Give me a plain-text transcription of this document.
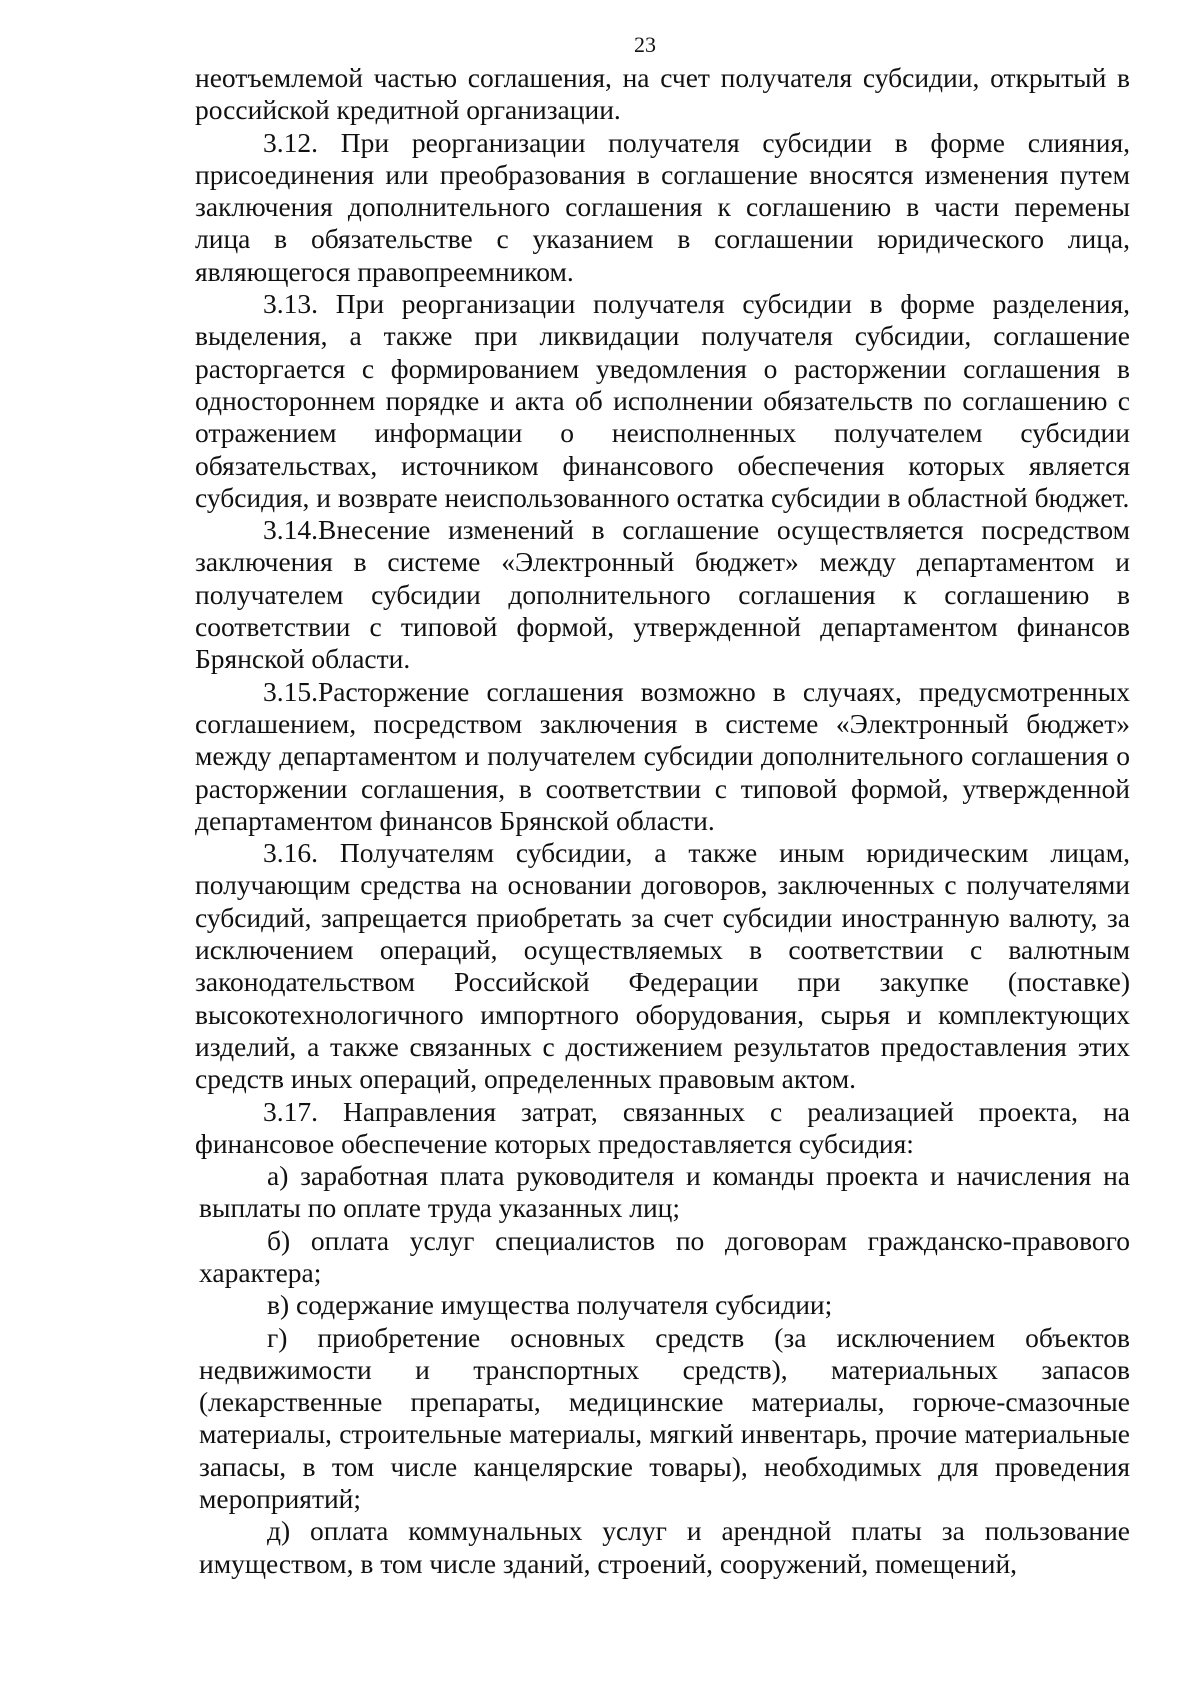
23

неотъемлемой частью соглашения, на счет получателя субсидии, открытый в российской кредитной организации.

3.12. При реорганизации получателя субсидии в форме слияния, присоединения или преобразования в соглашение вносятся изменения путем заключения дополнительного соглашения к соглашению в части перемены лица в обязательстве с указанием в соглашении юридического лица, являющегося правопреемником.

3.13. При реорганизации получателя субсидии в форме разделения, выделения, а также при ликвидации получателя субсидии, соглашение расторгается с формированием уведомления о расторжении соглашения в одностороннем порядке и акта об исполнении обязательств по соглашению с отражением информации о неисполненных получателем субсидии обязательствах, источником финансового обеспечения которых является субсидия, и возврате неиспользованного остатка субсидии в областной бюджет.

3.14.Внесение изменений в соглашение осуществляется посредством заключения в системе «Электронный бюджет» между департаментом и получателем субсидии дополнительного соглашения к соглашению в соответствии с типовой формой, утвержденной департаментом финансов Брянской области.

3.15.Расторжение соглашения возможно в случаях, предусмотренных соглашением, посредством заключения в системе «Электронный бюджет» между департаментом и получателем субсидии дополнительного соглашения о расторжении соглашения, в соответствии с типовой формой, утвержденной департаментом финансов Брянской области.

3.16. Получателям субсидии, а также иным юридическим лицам, получающим средства на основании договоров, заключенных с получателями субсидий, запрещается приобретать за счет субсидии иностранную валюту, за исключением операций, осуществляемых в соответствии с валютным законодательством Российской Федерации при закупке (поставке) высокотехнологичного импортного оборудования, сырья и комплектующих изделий, а также связанных с достижением результатов предоставления этих средств иных операций, определенных правовым актом.

3.17. Направления затрат, связанных с реализацией проекта, на финансовое обеспечение которых предоставляется субсидия:

а) заработная плата руководителя и команды проекта и начисления на выплаты по оплате труда указанных лиц;

б) оплата услуг специалистов по договорам гражданско-правового характера;

в) содержание имущества получателя субсидии;

г) приобретение основных средств (за исключением объектов недвижимости и транспортных средств), материальных запасов (лекарственные препараты, медицинские материалы, горюче-смазочные материалы, строительные материалы, мягкий инвентарь, прочие материальные запасы, в том числе канцелярские товары), необходимых для проведения мероприятий;

д) оплата коммунальных услуг и арендной платы за пользование имуществом, в том числе зданий, строений, сооружений, помещений,
